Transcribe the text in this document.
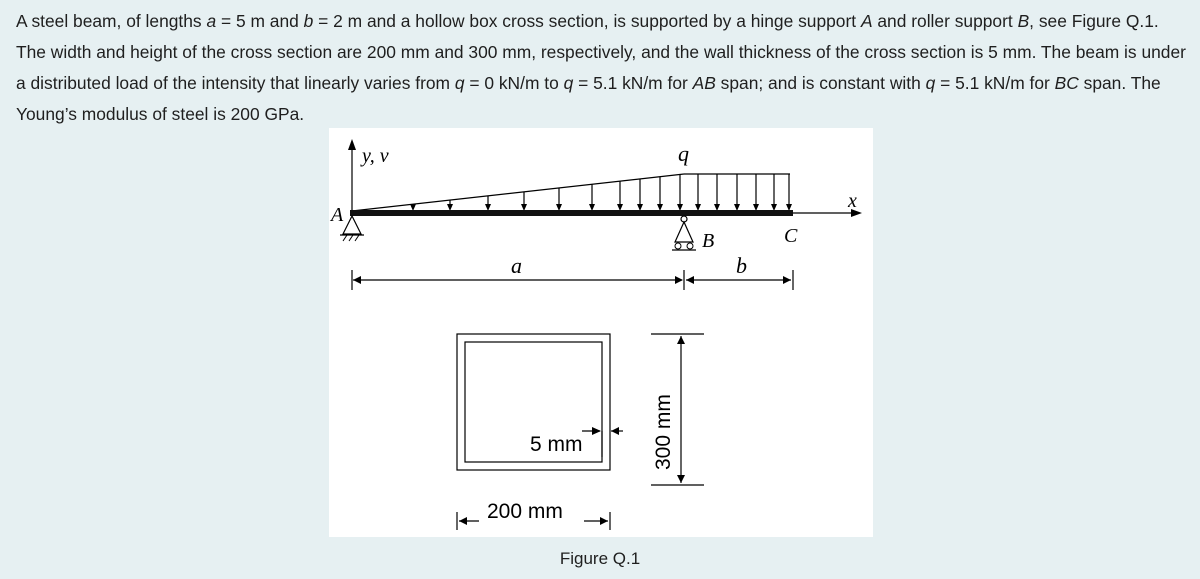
A steel beam, of lengths a = 5 m and b = 2 m and a hollow box cross section, is supported by a hinge support A and roller support B, see Figure Q.1. The width and height of the cross section are 200 mm and 300 mm, respectively, and the wall thickness of the cross section is 5 mm. The beam is under a distributed load of the intensity that linearly varies from q = 0 kN/m to q = 5.1 kN/m for AB span; and is constant with q = 5.1 kN/m for BC span. The Young’s modulus of steel is 200 GPa.

y, v	q
x
A
B	C
a	b
5 mm
200 mm
300 mm
Figure Q.1
